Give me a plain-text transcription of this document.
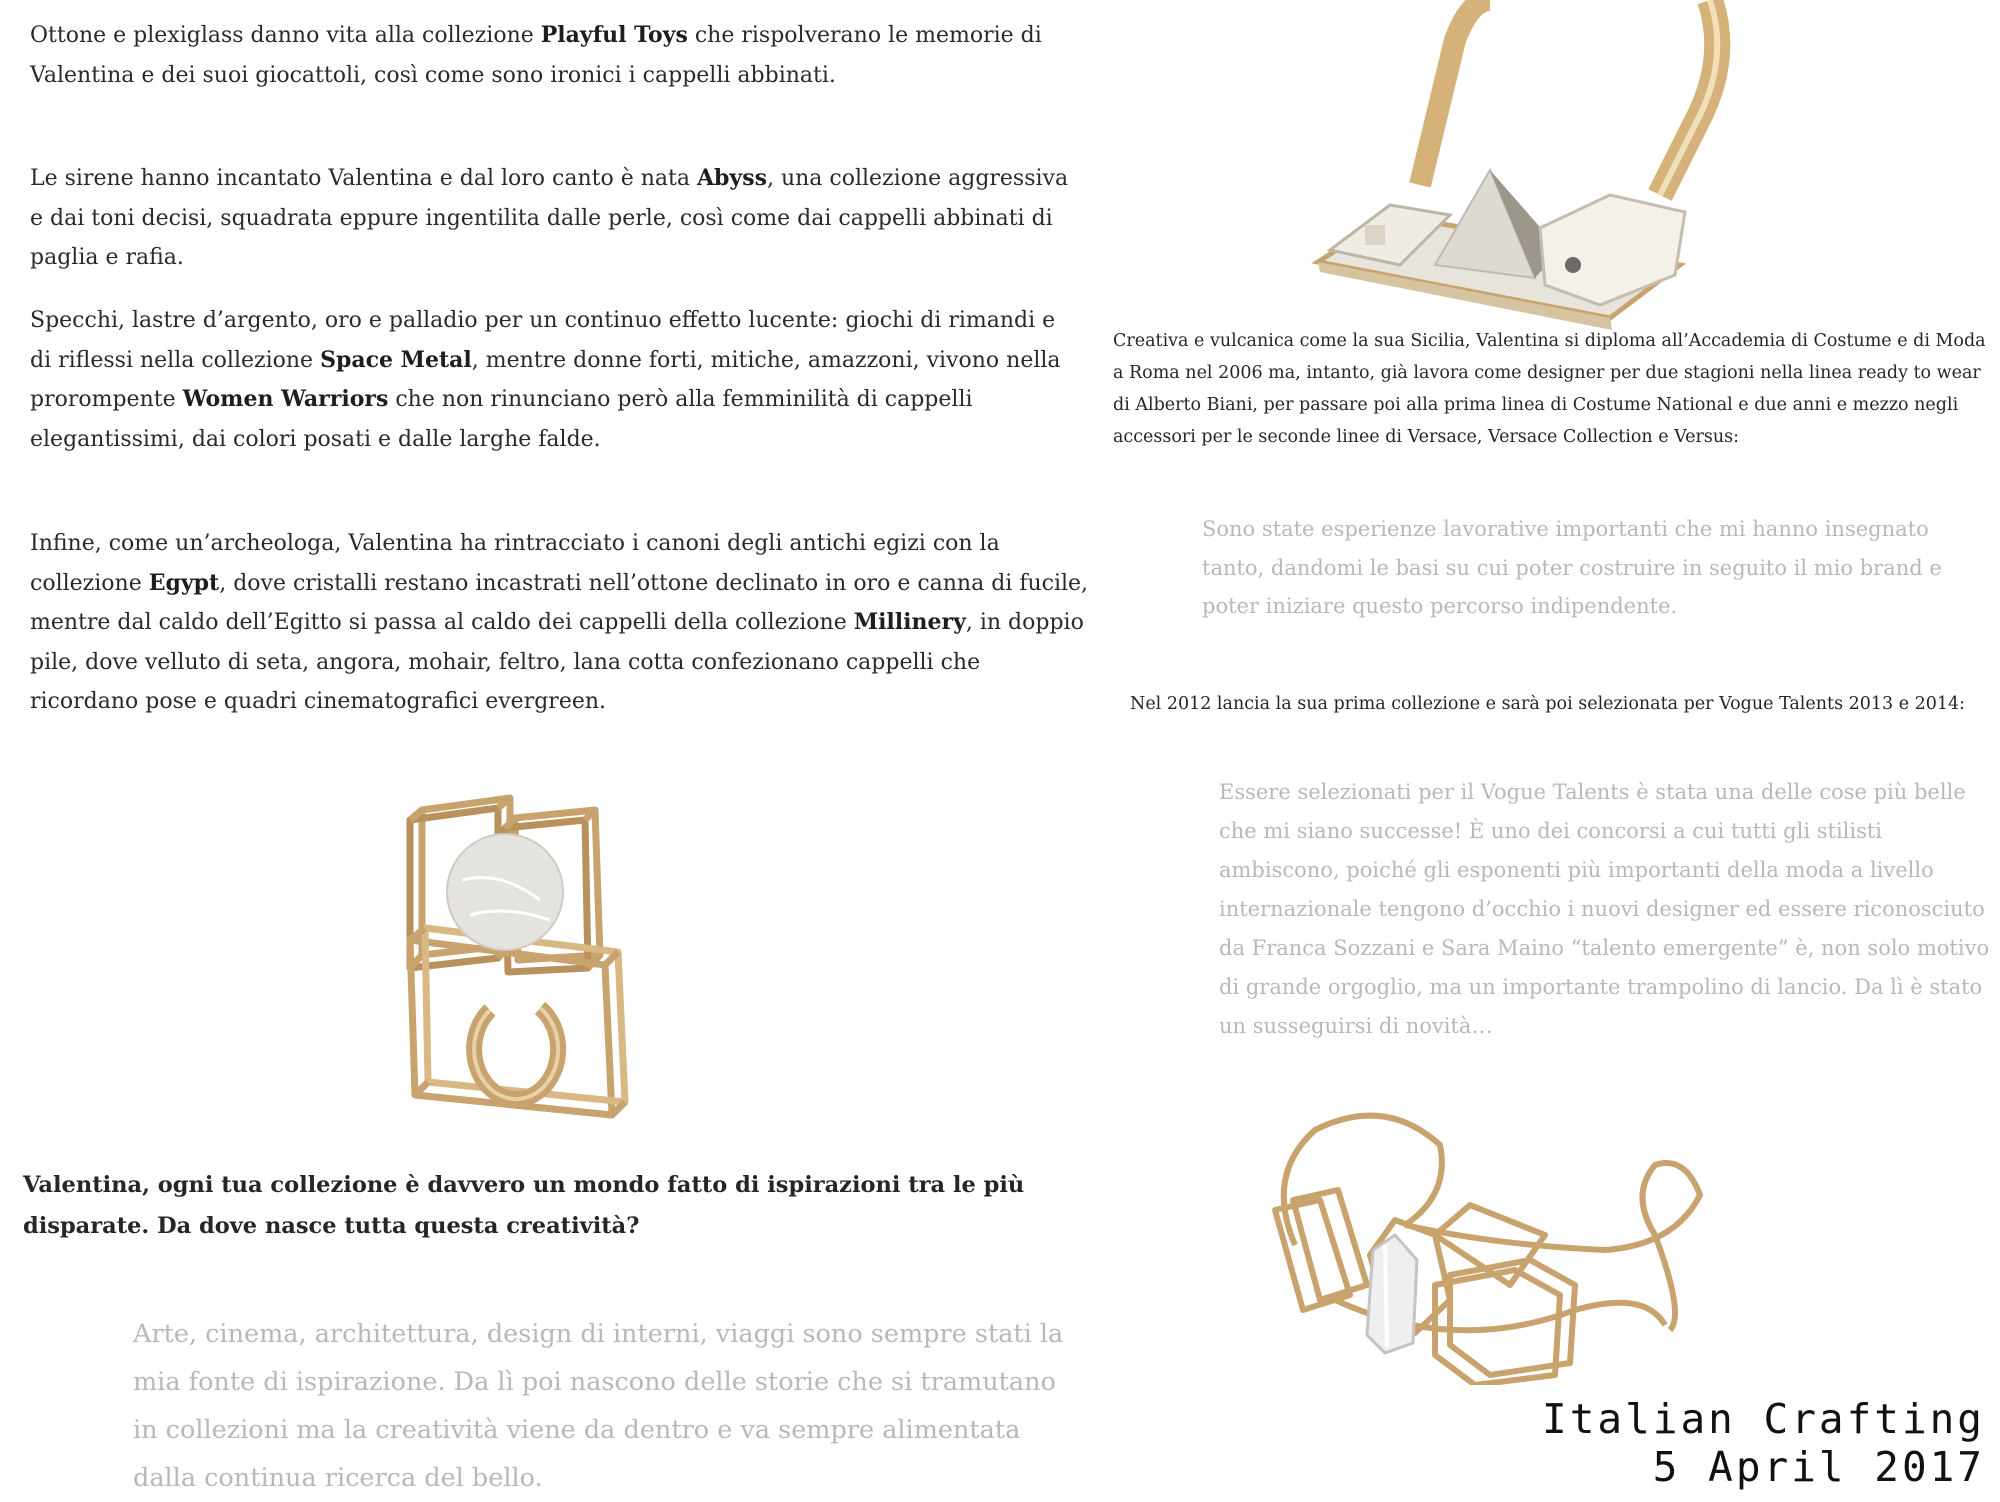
Ottone e plexiglass danno vita alla collezione Playful Toys che rispolverano le memorie di Valentina e dei suoi giocattoli, così come sono ironici i cappelli abbinati.

Le sirene hanno incantato Valentina e dal loro canto è nata Abyss, una collezione aggressiva e dai toni decisi, squadrata eppure ingentilita dalle perle, così come dai cappelli abbinati di paglia e rafia.

Specchi, lastre d’argento, oro e palladio per un continuo effetto lucente: giochi di rimandi e di riflessi nella collezione Space Metal, mentre donne forti, mitiche, amazzoni, vivono nella prorompente Women Warriors che non rinunciano però alla femminilità di cappelli elegantissimi, dai colori posati e dalle larghe falde.

Infine, come un’archeologa, Valentina ha rintracciato i canoni degli antichi egizi con la collezione Egypt, dove cristalli restano incastrati nell’ottone declinato in oro e canna di fucile, mentre dal caldo dell’Egitto si passa al caldo dei cappelli della collezione Millinery, in doppio pile, dove velluto di seta, angora, mohair, feltro, lana cotta confezionano cappelli che ricordano pose e quadri cinematografici evergreen.

Valentina, ogni tua collezione è davvero un mondo fatto di ispirazioni tra le più disparate. Da dove nasce tutta questa creatività?

Arte, cinema, architettura, design di interni, viaggi sono sempre stati la mia fonte di ispirazione. Da lì poi nascono delle storie che si tramutano in collezioni ma la creatività viene da dentro e va sempre alimentata dalla continua ricerca del bello.

Creativa e vulcanica come la sua Sicilia, Valentina si diploma all’Accademia di Costume e di Moda a Roma nel 2006 ma, intanto, già lavora come designer per due stagioni nella linea ready to wear di Alberto Biani, per passare poi alla prima linea di Costume National e due anni e mezzo negli accessori per le seconde linee di Versace, Versace Collection e Versus:

Sono state esperienze lavorative importanti che mi hanno insegnato tanto, dandomi le basi su cui poter costruire in seguito il mio brand e poter iniziare questo percorso indipendente.

Nel 2012 lancia la sua prima collezione e sarà poi selezionata per Vogue Talents 2013 e 2014:

Essere selezionati per il Vogue Talents è stata una delle cose più belle che mi siano successe! È uno dei concorsi a cui tutti gli stilisti ambiscono, poiché gli esponenti più importanti della moda a livello internazionale tengono d’occhio i nuovi designer ed essere riconosciuto da Franca Sozzani e Sara Maino “talento emergente” è, non solo motivo di grande orgoglio, ma un importante trampolino di lancio. Da lì è stato un susseguirsi di novità…

Italian Crafting
5 April 2017
